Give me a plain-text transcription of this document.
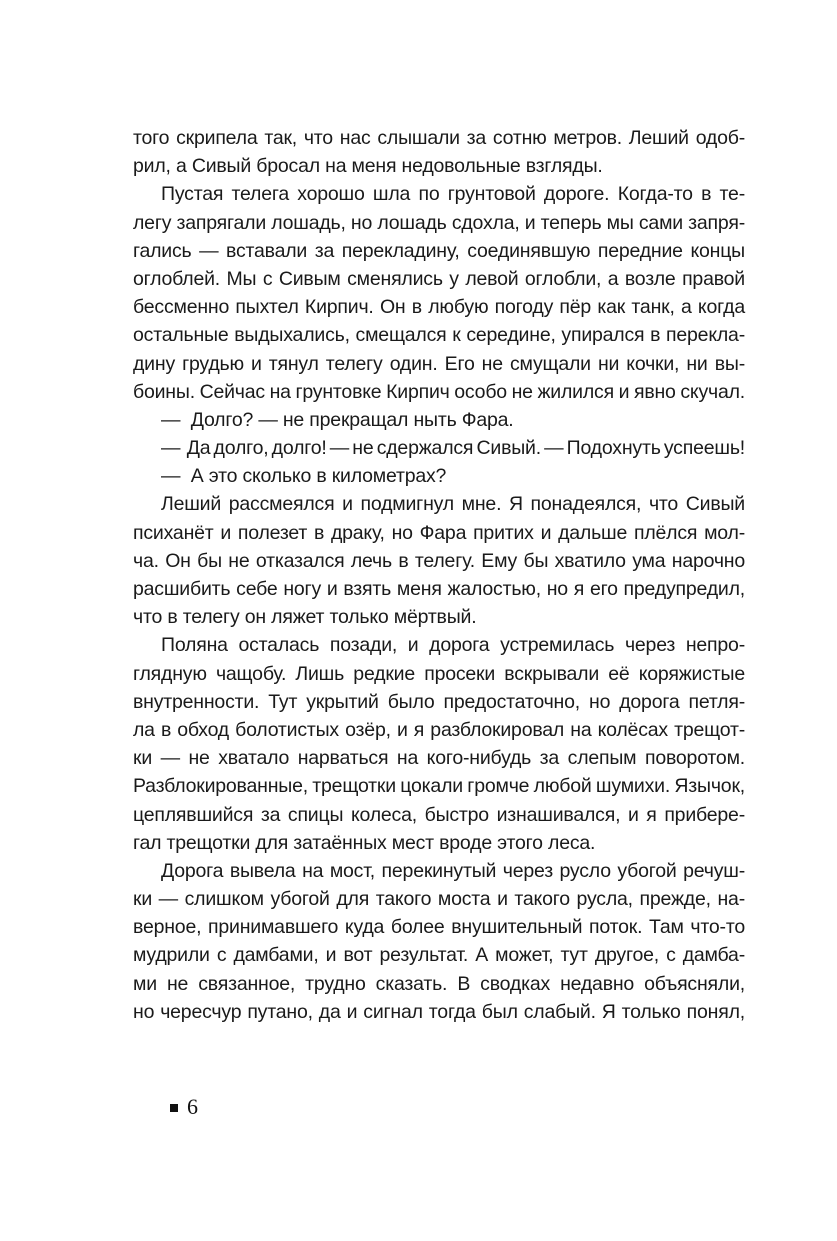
того скрипела так, что нас слышали за сотню метров. Леший одоб-
рил, а Сивый бросал на меня недовольные взгляды.
Пустая телега хорошо шла по грунтовой дороге. Когда-то в те-
легу запрягали лошадь, но лошадь сдохла, и теперь мы сами запря-
гались — вставали за перекладину, соединявшую передние концы
оглоблей. Мы с Сивым сменялись у левой оглобли, а возле правой
бессменно пыхтел Кирпич. Он в любую погоду пёр как танк, а когда
остальные выдыхались, смещался к середине, упирался в перекла-
дину грудью и тянул телегу один. Его не смущали ни кочки, ни вы-
боины. Сейчас на грунтовке Кирпич особо не жилился и явно скучал.
—  Долго? — не прекращал ныть Фара.
—  Да долго, долго! — не сдержался Сивый. — Подохнуть успеешь!
—  А это сколько в километрах?
Леший рассмеялся и подмигнул мне. Я понадеялся, что Сивый
психанёт и полезет в драку, но Фара притих и дальше плёлся мол-
ча. Он бы не отказался лечь в телегу. Ему бы хватило ума нарочно
расшибить себе ногу и взять меня жалостью, но я его предупредил,
что в телегу он ляжет только мёртвый.
Поляна осталась позади, и дорога устремилась через непро-
глядную чащобу. Лишь редкие просеки вскрывали её коряжистые
внутренности. Тут укрытий было предостаточно, но дорога петля-
ла в обход болотистых озёр, и я разблокировал на колёсах трещот-
ки — не хватало нарваться на кого-нибудь за слепым поворотом.
Разблокированные, трещотки цокали громче любой шумихи. Язычок,
цеплявшийся за спицы колеса, быстро изнашивался, и я прибере-
гал трещотки для затаённых мест вроде этого леса.
Дорога вывела на мост, перекинутый через русло убогой речуш-
ки — слишком убогой для такого моста и такого русла, прежде, на-
верное, принимавшего куда более внушительный поток. Там что-то
мудрили с дамбами, и вот результат. А может, тут другое, с дамба-
ми не связанное, трудно сказать. В сводках недавно объясняли,
но чересчур путано, да и сигнал тогда был слабый. Я только понял,
6
